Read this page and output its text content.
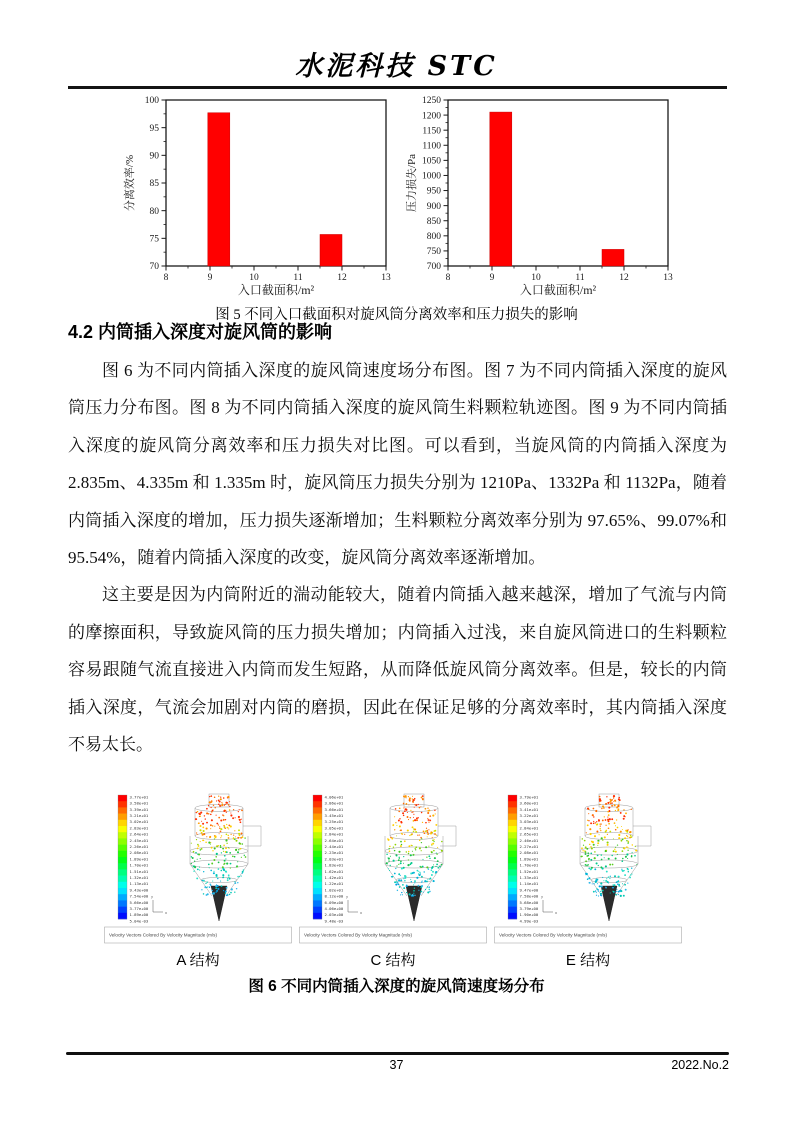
水泥科技 STC
8	9	10	11	12	13
70
75
80
85
90
95
100
分离效率/%
入口截面积/m²
8	9	10	11	12	13
700
750
800
850
900
950
1000
1050
1100
1150
1200
1250
压力损失/Pa
入口截面积/m²
图 5 不同入口截面积对旋风筒分离效率和压力损失的影响
4.2 内筒插入深度对旋风筒的影响

图 6 为不同内筒插入深度的旋风筒速度场分布图。图 7 为不同内筒插入深度的旋风筒压力分布图。图 8 为不同内筒插入深度的旋风筒生料颗粒轨迹图。图 9 为不同内筒插入深度的旋风筒分离效率和压力损失对比图。可以看到，当旋风筒的内筒插入深度为 2.835m、4.335m 和 1.335m 时，旋风筒压力损失分别为 1210Pa、1332Pa 和 1132Pa，随着内筒插入深度的增加，压力损失逐渐增加；生料颗粒分离效率分别为 97.65%、99.07%和 95.54%，随着内筒插入深度的改变，旋风筒分离效率逐渐增加。

这主要是因为内筒附近的湍动能较大，随着内筒插入越来越深，增加了气流与内筒的摩擦面积，导致旋风筒的压力损失增加；内筒插入过浅，来自旋风筒进口的生料颗粒容易跟随气流直接进入内筒而发生短路，从而降低旋风筒分离效率。但是，较长的内筒插入深度，气流会加剧对内筒的磨损，因此在保证足够的分离效率时，其内筒插入深度不易太长。

3.77e+01
3.58e+01
3.39e+01
3.21e+01
3.02e+01
2.83e+01
2.64e+01
2.45e+01
2.26e+01
2.08e+01
1.89e+01
1.70e+01
1.51e+01
1.32e+01
1.13e+01
9.43e+00
7.54e+00
5.66e+00
3.77e+00
1.89e+00
5.04e-03
x
y
Velocity Vectors Colored By Velocity Magnitude (m/s)
A 结构
4.06e+01
3.86e+01
3.66e+01
3.45e+01
3.25e+01
3.05e+01
2.84e+01
2.64e+01
2.44e+01
2.23e+01
2.03e+01
1.83e+01
1.62e+01
1.42e+01
1.22e+01
1.02e+01
8.12e+00
6.09e+00
4.06e+00
2.03e+00
9.48e-03
x
y
Velocity Vectors Colored By Velocity Magnitude (m/s)
C 结构
3.79e+01
3.60e+01
3.41e+01
3.22e+01
3.03e+01
2.84e+01
2.65e+01
2.46e+01
2.27e+01
2.08e+01
1.89e+01
1.70e+01
1.52e+01
1.33e+01
1.14e+01
9.47e+00
7.58e+00
5.68e+00
3.79e+00
1.90e+00
4.99e-03
x
y
Velocity Vectors Colored By Velocity Magnitude (m/s)
E 结构
图 6 不同内筒插入深度的旋风筒速度场分布
37	2022.No.2
